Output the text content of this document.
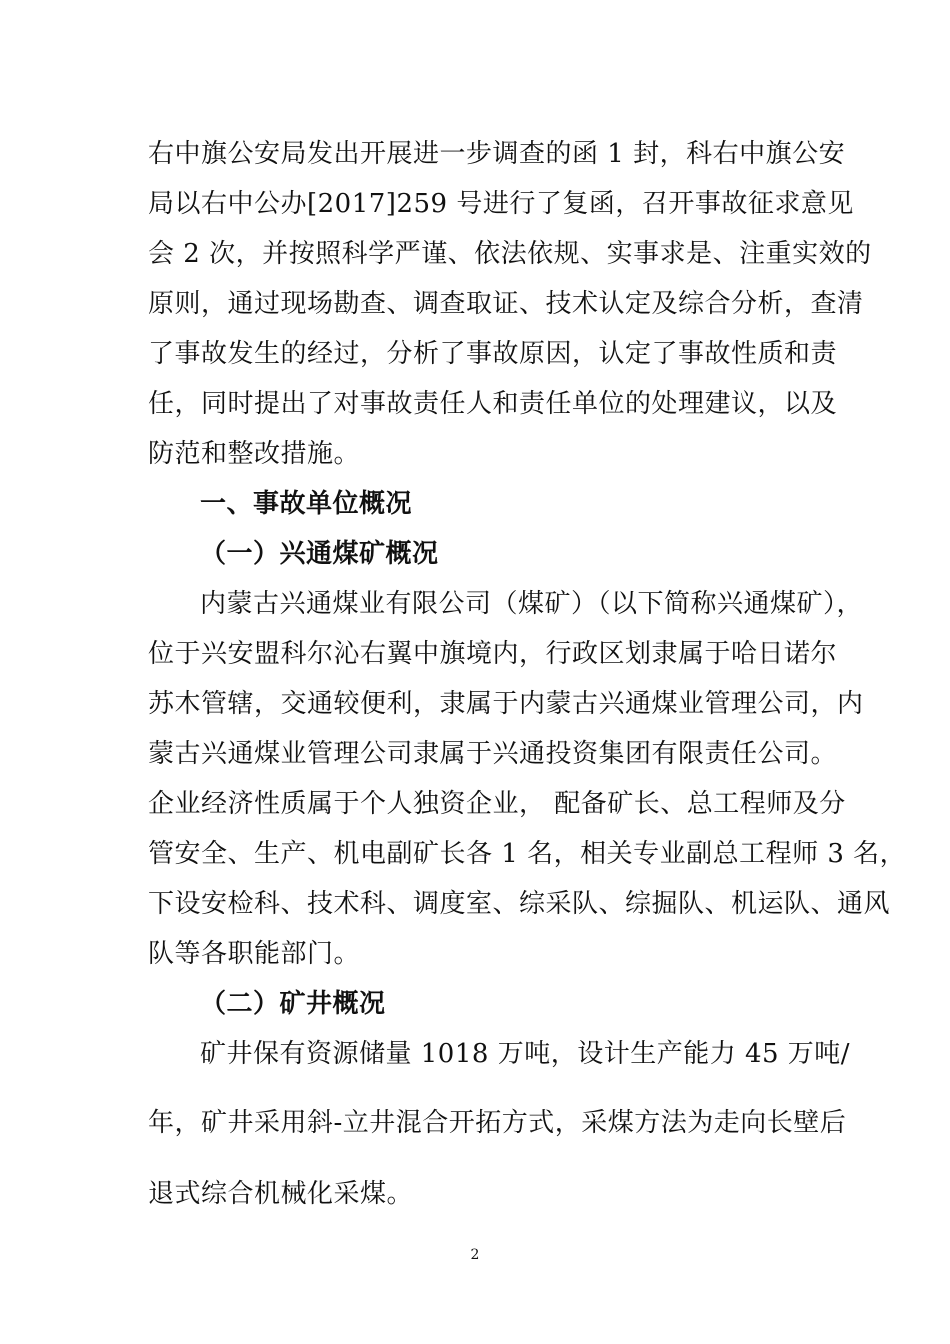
右中旗公安局发出开展进一步调查的函 1 封，科右中旗公安
局以右中公办[2017]259 号进行了复函，召开事故征求意见
会 2 次，并按照科学严谨、依法依规、实事求是、注重实效的
原则，通过现场勘查、调查取证、技术认定及综合分析，查清
了事故发生的经过，分析了事故原因，认定了事故性质和责
任，同时提出了对事故责任人和责任单位的处理建议，以及
防范和整改措施。
一、事故单位概况
（一）兴通煤矿概况
内蒙古兴通煤业有限公司（煤矿）（以下简称兴通煤矿），
位于兴安盟科尔沁右翼中旗境内，行政区划隶属于哈日诺尔
苏木管辖，交通较便利，隶属于内蒙古兴通煤业管理公司，内
蒙古兴通煤业管理公司隶属于兴通投资集团有限责任公司。
企业经济性质属于个人独资企业， 配备矿长、总工程师及分
管安全、生产、机电副矿长各 1 名，相关专业副总工程师 3 名，
下设安检科、技术科、调度室、综采队、综掘队、机运队、通风
队等各职能部门。
（二）矿井概况
矿井保有资源储量 1018 万吨，设计生产能力 45 万吨/
年，矿井采用斜-立井混合开拓方式，采煤方法为走向长壁后
退式综合机械化采煤。
2
